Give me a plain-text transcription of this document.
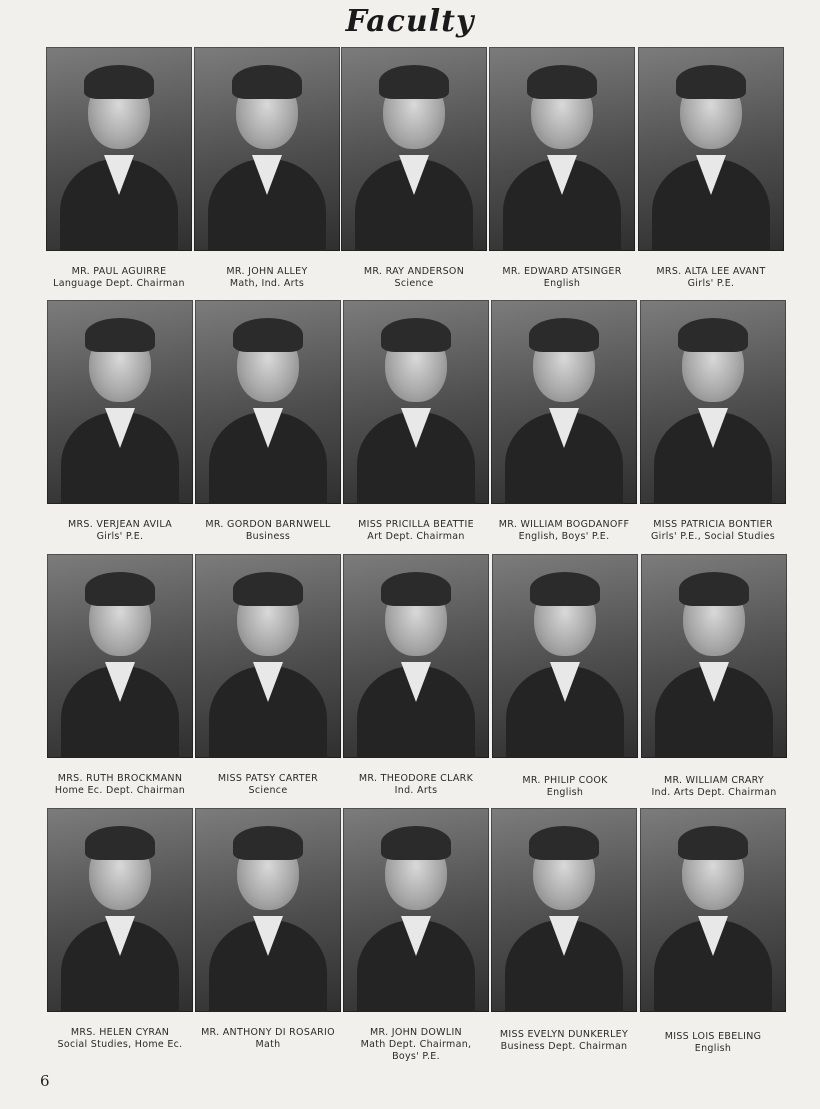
Faculty
MR. PAUL AGUIRRE
Language Dept. Chairman
MR. JOHN ALLEY
Math, Ind. Arts
MR. RAY ANDERSON
Science
MR. EDWARD ATSINGER
English
MRS. ALTA LEE AVANT
Girls' P.E.
MRS. VERJEAN AVILA
Girls' P.E.
MR. GORDON BARNWELL
Business
MISS PRICILLA BEATTIE
Art Dept. Chairman
MR. WILLIAM BOGDANOFF
English, Boys' P.E.
MISS PATRICIA BONTIER
Girls' P.E., Social Studies
MRS. RUTH BROCKMANN
Home Ec. Dept. Chairman
MISS PATSY CARTER
Science
MR. THEODORE CLARK
Ind. Arts
MR. PHILIP COOK
English
MR. WILLIAM CRARY
Ind. Arts Dept. Chairman
MRS. HELEN CYRAN
Social Studies, Home Ec.
MR. ANTHONY DI ROSARIO
Math
MR. JOHN DOWLIN
Math Dept. Chairman,
Boys' P.E.
MISS EVELYN DUNKERLEY
Business Dept. Chairman
MISS LOIS EBELING
English
6
